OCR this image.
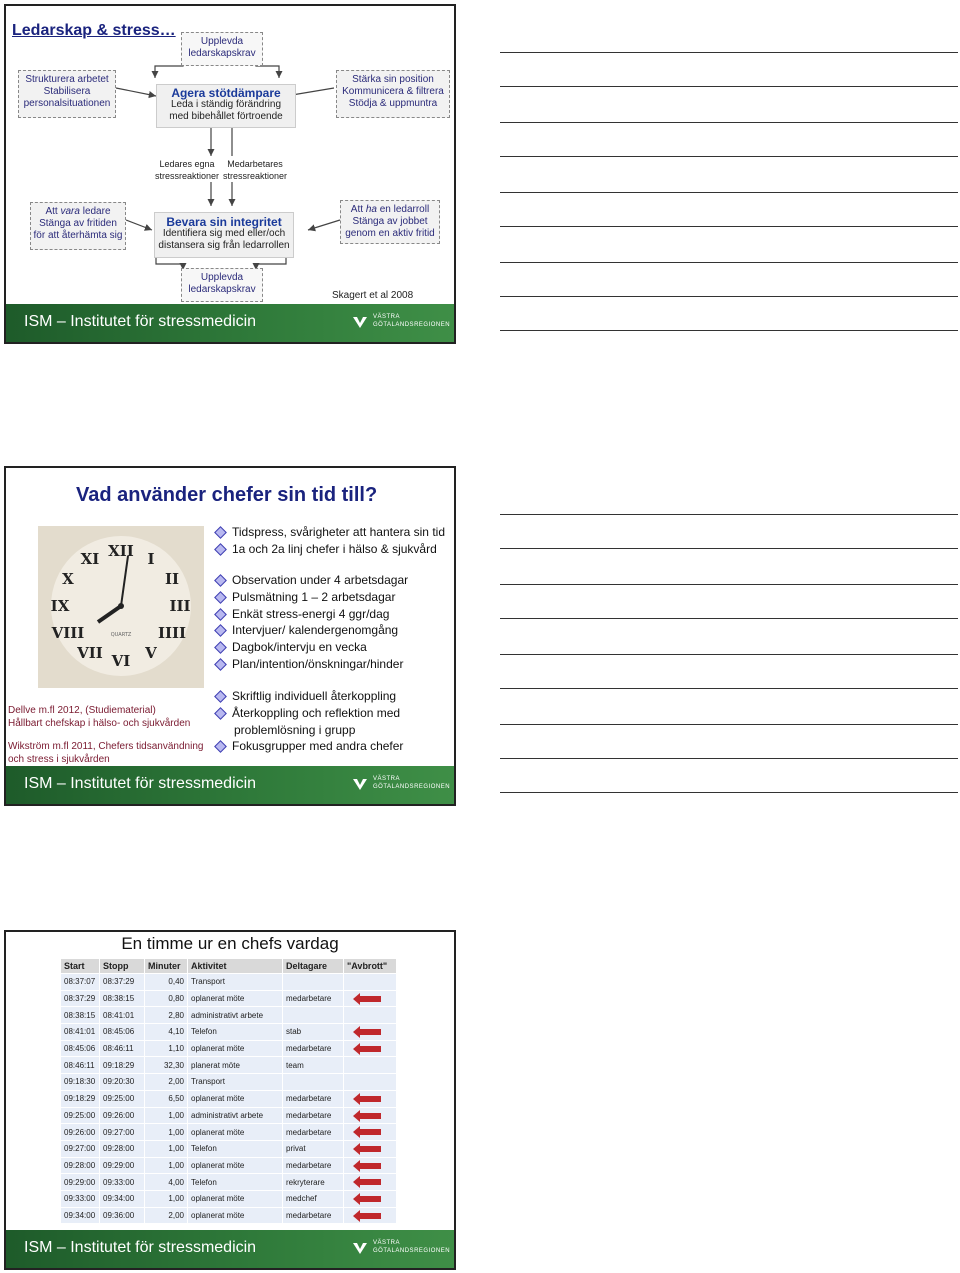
Ledarskap & stress…
Upplevda
ledarskapskrav
Strukturera arbetet
Stabilisera
personalsituationen
Agera stötdämpare
Leda i ständig förändring
med bibehållet förtroende
Stärka sin position
Kommunicera & filtrera
Stödja & uppmuntra
Ledares egna
stressreaktioner
Medarbetares
stressreaktioner
Att vara ledare
Stänga av fritiden
för att återhämta sig
Bevara sin integritet
Identifiera sig med eller/och
distansera sig från ledarrollen
Att ha en ledarroll
Stänga av jobbet
genom en aktiv fritid
Upplevda
ledarskapskrav
Skagert et al 2008
ISM – Institutet för stressmedicin	VÄSTRA
GÖTALANDSREGIONEN
Vad använder chefer sin tid till?
XII I
II
III
IIII
V
VI
VII
VIII
IX
X
XI
QUARTZ
Tidspress, svårigheter att hantera sin tid
1a och 2a linj chefer i hälso & sjukvård
Observation under 4 arbetsdagar
Pulsmätning 1 – 2 arbetsdagar
Enkät stress-energi 4 ggr/dag
Intervjuer/ kalendergenomgång
Dagbok/intervju en vecka
Plan/intention/önskningar/hinder
Skriftlig individuell återkoppling
Återkoppling och reflektion med
problemlösning i grupp
Fokusgrupper med andra chefer
Dellve m.fl 2012, (Studiematerial)
Hållbart chefskap i hälso- och sjukvården
Wikström m.fl 2011, Chefers tidsanvändning
och stress i sjukvården
ISM – Institutet för stressmedicin	VÄSTRA
GÖTALANDSREGIONEN
En timme ur en chefs vardag
Start	Stopp	Minuter	Aktivitet	Deltagare	"Avbrott"
08:37:07	08:37:29	0,40	Transport		
08:37:29	08:38:15	0,80	oplanerat möte	medarbetare	
08:38:15	08:41:01	2,80	administrativt arbete		
08:41:01	08:45:06	4,10	Telefon	stab	
08:45:06	08:46:11	1,10	oplanerat möte	medarbetare	
08:46:11	09:18:29	32,30	planerat möte	team	
09:18:30	09:20:30	2,00	Transport		
09:18:29	09:25:00	6,50	oplanerat möte	medarbetare	
09:25:00	09:26:00	1,00	administrativt arbete	medarbetare	
09:26:00	09:27:00	1,00	oplanerat möte	medarbetare	
09:27:00	09:28:00	1,00	Telefon	privat	
09:28:00	09:29:00	1,00	oplanerat möte	medarbetare	
09:29:00	09:33:00	4,00	Telefon	rekryterare	
09:33:00	09:34:00	1,00	oplanerat möte	medchef	
09:34:00	09:36:00	2,00	oplanerat möte	medarbetare	
ISM – Institutet för stressmedicin	VÄSTRA
GÖTALANDSREGIONEN
